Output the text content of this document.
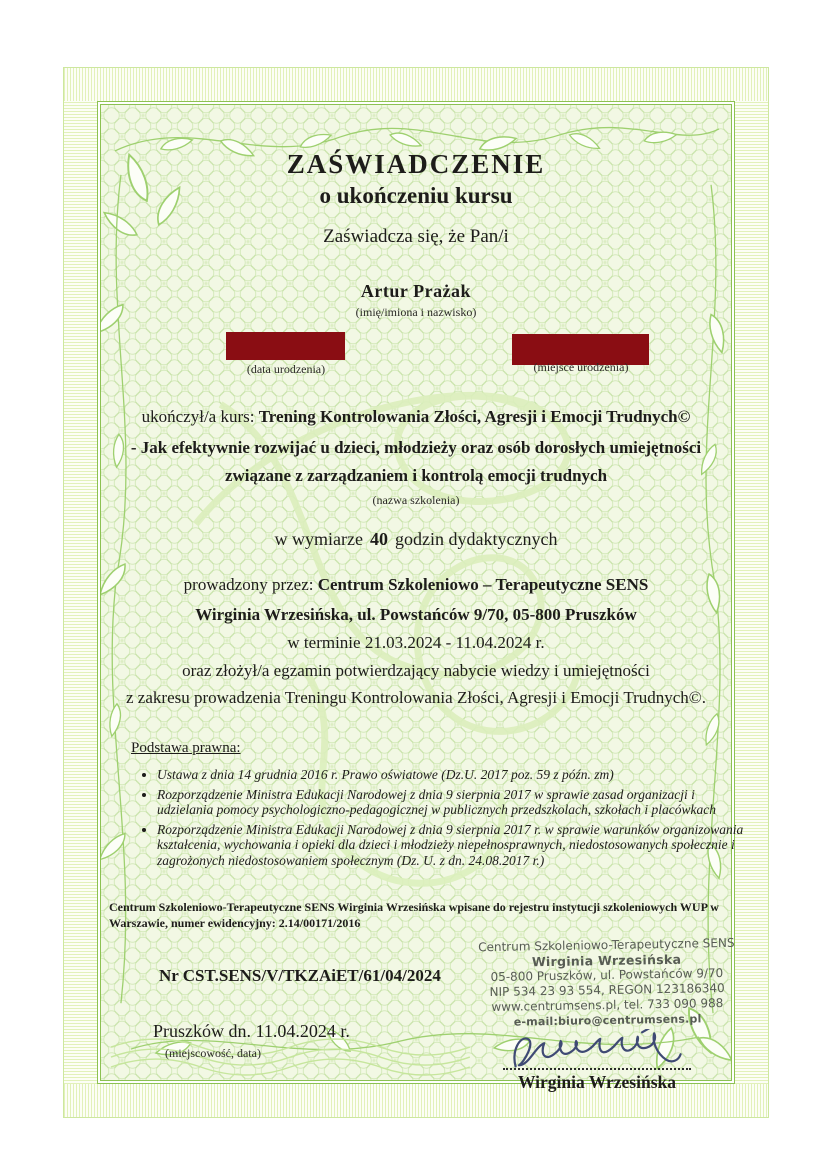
ZAŚWIADCZENIE
o ukończeniu kursu
Zaświadcza się, że Pan/i
Artur Prażak
(imię/imiona i nazwisko)
(data urodzenia)	(miejsce urodzenia)
ukończył/a kurs: Trening Kontrolowania Złości, Agresji i Emocji Trudnych©
- Jak efektywnie rozwijać u dzieci, młodzieży oraz osób dorosłych umiejętności
związane z zarządzaniem i kontrolą emocji trudnych
(nazwa szkolenia)
w wymiarze 40 godzin dydaktycznych
prowadzony przez: Centrum Szkoleniowo – Terapeutyczne SENS
Wirginia Wrzesińska, ul. Powstańców 9/70, 05-800 Pruszków
w terminie 21.03.2024 - 11.04.2024 r.
oraz złożył/a egzamin potwierdzający nabycie wiedzy i umiejętności
z zakresu prowadzenia Treningu Kontrolowania Złości, Agresji i Emocji Trudnych©.
Podstawa prawna:
• Ustawa z dnia 14 grudnia 2016 r. Prawo oświatowe (Dz.U. 2017 poz. 59 z późn. zm)
• Rozporządzenie Ministra Edukacji Narodowej z dnia 9 sierpnia 2017 w sprawie zasad organizacji i udzielania pomocy psychologiczno-pedagogicznej w publicznych przedszkolach, szkołach i placówkach
• Rozporządzenie Ministra Edukacji Narodowej z dnia 9 sierpnia 2017 r. w sprawie warunków organizowania kształcenia, wychowania i opieki dla dzieci i młodzieży niepełnosprawnych, niedostosowanych społecznie i zagrożonych niedostosowaniem społecznym (Dz. U. z dn. 24.08.2017 r.)
Centrum Szkoleniowo-Terapeutyczne SENS Wirginia Wrzesińska wpisane do rejestru instytucji szkoleniowych WUP w Warszawie, numer ewidencyjny: 2.14/00171/2016
Centrum Szkoleniowo-Terapeutyczne SENS
Wirginia Wrzesińska
05-800 Pruszków, ul. Powstańców 9/70
NIP 534 23 93 554, REGON 123186340
www.centrumsens.pl, tel. 733 090 988
e-mail:biuro@centrumsens.pl
Nr CST.SENS/V/TKZAiET/61/04/2024
Pruszków dn. 11.04.2024 r.
(miejscowość, data)
Wirginia Wrzesińska
